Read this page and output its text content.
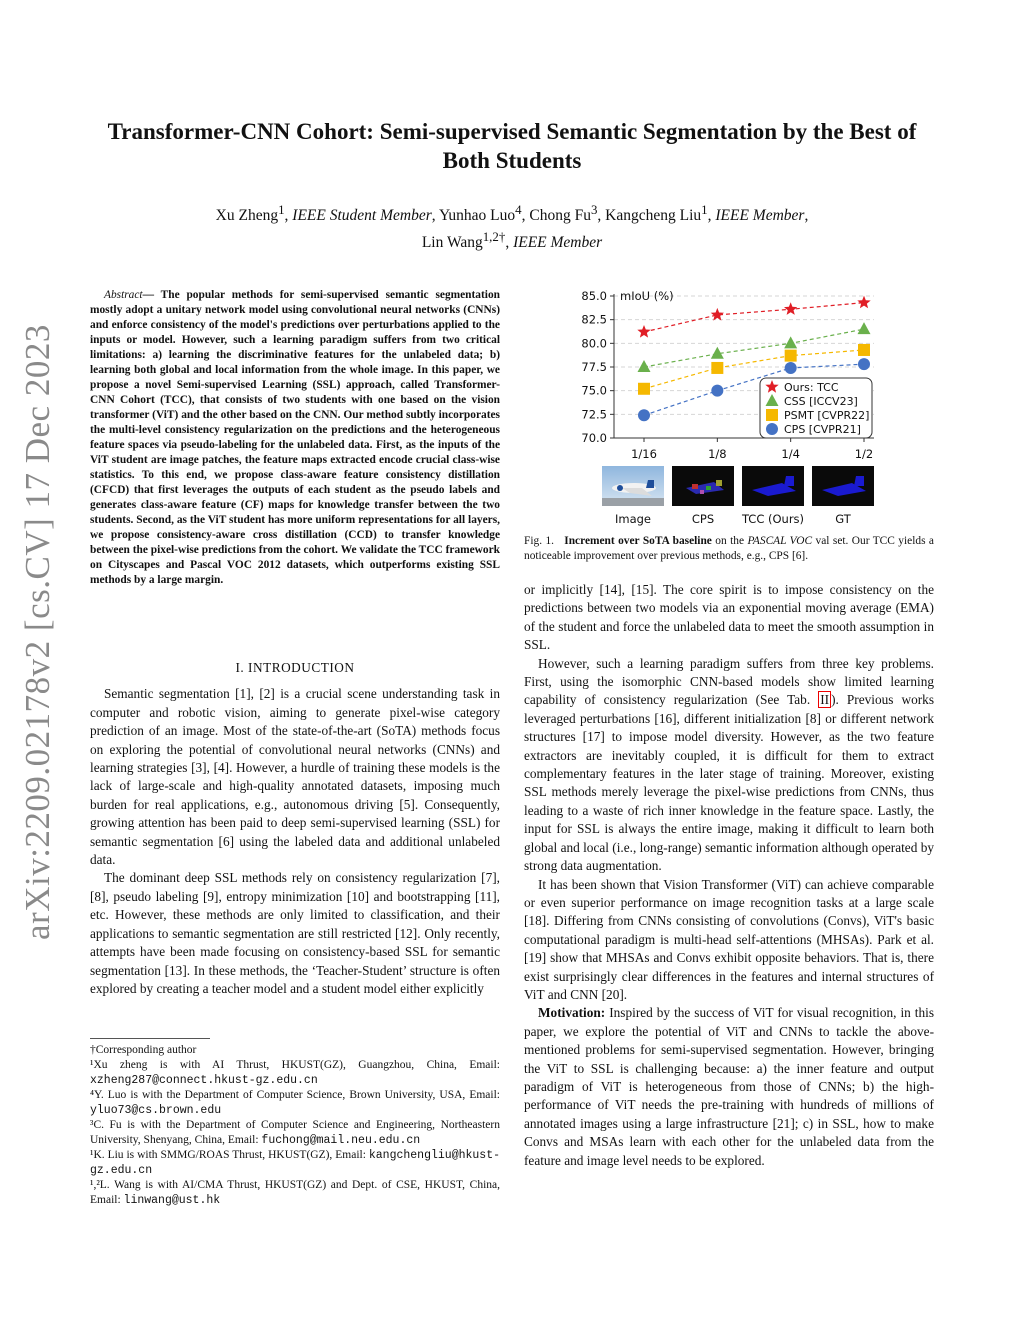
arXiv:2209.02178v2 [cs.CV] 17 Dec 2023
Transformer-CNN Cohort: Semi-supervised Semantic Segmentation by the Best of
Both Students
Xu Zheng$^1$, IEEE Student Member, Yunhao Luo$^4$, Chong Fu$^3$, Kangcheng Liu$^1$, IEEE Member,
Lin Wang$^{1,2\dagger}$, IEEE Member
Abstract— The popular methods for semi-supervised semantic segmentation mostly adopt a unitary network model using convolutional neural networks (CNNs) and enforce consistency of the model's predictions over perturbations applied to the inputs or model. However, such a learning paradigm suffers from two critical limitations: a) learning the discriminative features for the unlabeled data; b) learning both global and local information from the whole image. In this paper, we propose a novel Semi-supervised Learning (SSL) approach, called Transformer-CNN Cohort (TCC), that consists of two students with one based on the vision transformer (ViT) and the other based on the CNN. Our method subtly incorporates the multi-level consistency regularization on the predictions and the heterogeneous feature spaces via pseudo-labeling for the unlabeled data. First, as the inputs of the ViT student are image patches, the feature maps extracted encode crucial class-wise statistics. To this end, we propose class-aware feature consistency distillation (CFCD) that first leverages the outputs of each student as the pseudo labels and generates class-aware feature (CF) maps for knowledge transfer between the two students. Second, as the ViT student has more uniform representations for all layers, we propose consistency-aware cross distillation (CCD) to transfer knowledge between the pixel-wise predictions from the cohort. We validate the TCC framework on Cityscapes and Pascal VOC 2012 datasets, which outperforms existing SSL methods by a large margin.
I. INTRODUCTION

Semantic segmentation [1], [2] is a crucial scene understanding task in computer and robotic vision, aiming to generate pixel-wise category prediction of an image. Most of the state-of-the-art (SoTA) methods focus on exploring the potential of convolutional neural networks (CNNs) and learning strategies [3], [4]. However, a hurdle of training these models is the lack of large-scale and high-quality annotated datasets, imposing much burden for real applications, e.g., autonomous driving [5]. Consequently, growing attention has been paid to deep semi-supervised learning (SSL) for semantic segmentation [6] using the labeled data and additional unlabeled data.

The dominant deep SSL methods rely on consistency regularization [7], [8], pseudo labeling [9], entropy minimization [10] and bootstrapping [11], etc. However, these methods are only limited to classification, and their applications to semantic segmentation are still restricted [12]. Only recently, attempts have been made focusing on consistency-based SSL for semantic segmentation [13]. In these methods, the ‘Teacher-Student’ structure is often explored by creating a teacher model and a student model either explicitly

†Corresponding author

¹Xu zheng is with AI Thrust, HKUST(GZ), Guangzhou, China, Email: xzheng287@connect.hkust-gz.edu.cn

⁴Y. Luo is with the Department of Computer Science, Brown University, USA, Email: yluo73@cs.brown.edu

³C. Fu is with the Department of Computer Science and Engineering, Northeastern University, Shenyang, China, Email: fuchong@mail.neu.edu.cn

¹K. Liu is with SMMG/ROAS Thrust, HKUST(GZ), Email: kangchengliu@hkust-gz.edu.cn

¹,²L. Wang is with AI/CMA Thrust, HKUST(GZ) and Dept. of CSE, HKUST, China, Email: linwang@ust.hk

85.0
82.5
80.0
77.5
75.0
72.5
70.0
mIoU (%)
1/16	1/8	1/4	1/2
Ours: TCC
CSS [ICCV23]
PSMT [CVPR22]
CPS [CVPR21]
Image	CPS	TCC (Ours)	GT
Fig. 1. Increment over SoTA baseline on the PASCAL VOC val set. Our TCC yields a noticeable improvement over previous methods, e.g., CPS [6].

or implicitly [14], [15]. The core spirit is to impose consistency on the predictions between two models via an exponential moving average (EMA) of the student and force the unlabeled data to meet the smooth assumption in SSL.

However, such a learning paradigm suffers from three key problems. First, using the isomorphic CNN-based models show limited learning capability of consistency regularization (See Tab. II ). Previous works leveraged perturbations [16], different initialization [8] or different network structures [17] to impose model diversity. However, as the two feature extractors are inevitably coupled, it is difficult for them to extract complementary features in the later stage of training. Moreover, existing SSL methods merely leverage the pixel-wise predictions from CNNs, thus leading to a waste of rich inner knowledge in the feature space. Lastly, the input for SSL is always the entire image, making it difficult to learn both global and local (i.e., long-range) semantic information although operated by strong data augmentation.

It has been shown that Vision Transformer (ViT) can achieve comparable or even superior performance on image recognition tasks at a large scale [18]. Differing from CNNs consisting of convolutions (Convs), ViT's basic computational paradigm is multi-head self-attentions (MHSAs). Park et al. [19] show that MHSAs and Convs exhibit opposite behaviors. That is, there exist surprisingly clear differences in the features and internal structures of ViT and CNN [20].

Motivation: Inspired by the success of ViT for visual recognition, in this paper, we explore the potential of ViT and CNNs to tackle the above-mentioned problems for semi-supervised segmentation. However, bringing the ViT to SSL is challenging because: a) the inner feature and output paradigm of ViT is heterogeneous from those of CNNs; b) the high-performance of ViT needs the pre-training with hundreds of millions of annotated images using a large infrastructure [21]; c) in SSL, how to make Convs and MSAs learn with each other for the unlabeled data from the feature and image level needs to be explored.
